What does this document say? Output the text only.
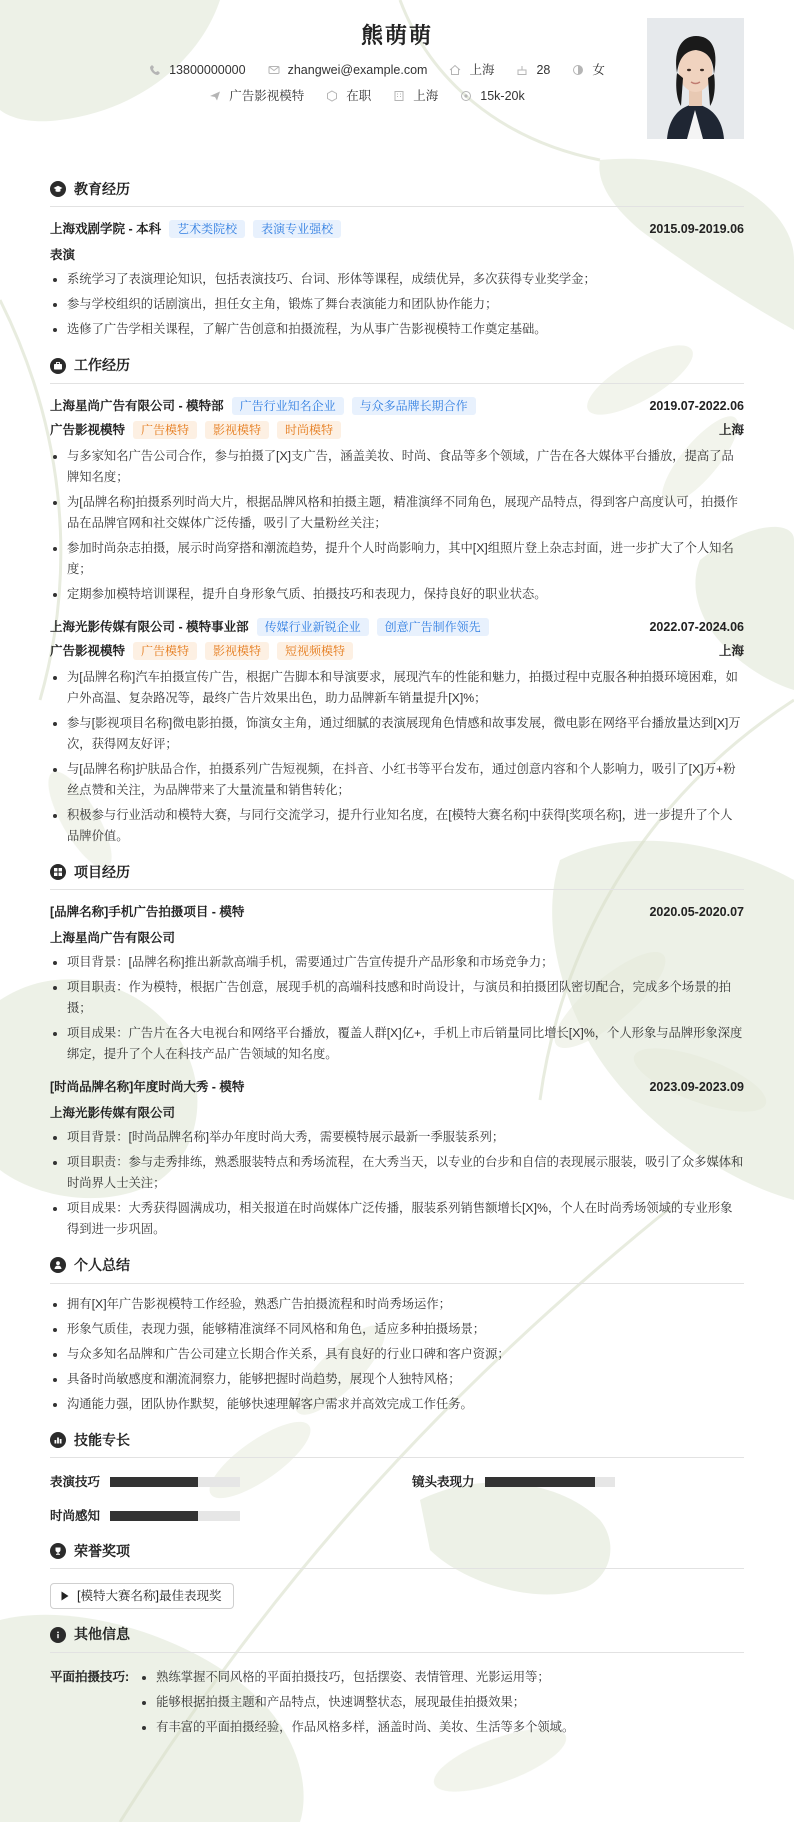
熊萌萌
13800000000	zhangwei@example.com	上海	28	女
广告影视模特	在职	上海	15k-20k
教育经历
上海戏剧学院 - 本科	艺术类院校	表演专业强校	2015.09-2019.06
表演
系统学习了表演理论知识，包括表演技巧、台词、形体等课程，成绩优异，多次获得专业奖学金；
参与学校组织的话剧演出，担任女主角，锻炼了舞台表演能力和团队协作能力；
选修了广告学相关课程，了解广告创意和拍摄流程，为从事广告影视模特工作奠定基础。
工作经历
上海星尚广告有限公司 - 模特部	广告行业知名企业	与众多品牌长期合作	2019.07-2022.06
广告影视模特	广告模特	影视模特	时尚模特	上海
与多家知名广告公司合作，参与拍摄了[X]支广告，涵盖美妆、时尚、食品等多个领域，广告在各大媒体平台播放，提高了品牌知名度；
为[品牌名称]拍摄系列时尚大片，根据品牌风格和拍摄主题，精准演绎不同角色，展现产品特点，得到客户高度认可，拍摄作品在品牌官网和社交媒体广泛传播，吸引了大量粉丝关注；
参加时尚杂志拍摄，展示时尚穿搭和潮流趋势，提升个人时尚影响力，其中[X]组照片登上杂志封面，进一步扩大了个人知名度；
定期参加模特培训课程，提升自身形象气质、拍摄技巧和表现力，保持良好的职业状态。
上海光影传媒有限公司 - 模特事业部	传媒行业新锐企业	创意广告制作领先	2022.07-2024.06
广告影视模特	广告模特	影视模特	短视频模特	上海
为[品牌名称]汽车拍摄宣传广告，根据广告脚本和导演要求，展现汽车的性能和魅力，拍摄过程中克服各种拍摄环境困难，如户外高温、复杂路况等，最终广告片效果出色，助力品牌新车销量提升[X]%；
参与[影视项目名称]微电影拍摄，饰演女主角，通过细腻的表演展现角色情感和故事发展，微电影在网络平台播放量达到[X]万次，获得网友好评；
与[品牌名称]护肤品合作，拍摄系列广告短视频，在抖音、小红书等平台发布，通过创意内容和个人影响力，吸引了[X]万+粉丝点赞和关注，为品牌带来了大量流量和销售转化；
积极参与行业活动和模特大赛，与同行交流学习，提升行业知名度，在[模特大赛名称]中获得[奖项名称]，进一步提升了个人品牌价值。
项目经历
[品牌名称]手机广告拍摄项目 - 模特	2020.05-2020.07
上海星尚广告有限公司
项目背景：[品牌名称]推出新款高端手机，需要通过广告宣传提升产品形象和市场竞争力；
项目职责：作为模特，根据广告创意，展现手机的高端科技感和时尚设计，与演员和拍摄团队密切配合，完成多个场景的拍摄；
项目成果：广告片在各大电视台和网络平台播放，覆盖人群[X]亿+，手机上市后销量同比增长[X]%，个人形象与品牌形象深度绑定，提升了个人在科技产品广告领域的知名度。
[时尚品牌名称]年度时尚大秀 - 模特	2023.09-2023.09
上海光影传媒有限公司
项目背景：[时尚品牌名称]举办年度时尚大秀，需要模特展示最新一季服装系列；
项目职责：参与走秀排练，熟悉服装特点和秀场流程，在大秀当天，以专业的台步和自信的表现展示服装，吸引了众多媒体和时尚界人士关注；
项目成果：大秀获得圆满成功，相关报道在时尚媒体广泛传播，服装系列销售额增长[X]%，个人在时尚秀场领域的专业形象得到进一步巩固。
个人总结
拥有[X]年广告影视模特工作经验，熟悉广告拍摄流程和时尚秀场运作；
形象气质佳，表现力强，能够精准演绎不同风格和角色，适应多种拍摄场景；
与众多知名品牌和广告公司建立长期合作关系，具有良好的行业口碑和客户资源；
具备时尚敏感度和潮流洞察力，能够把握时尚趋势，展现个人独特风格；
沟通能力强，团队协作默契，能够快速理解客户需求并高效完成工作任务。
技能专长
表演技巧	镜头表现力
时尚感知
荣誉奖项
[模特大赛名称]最佳表现奖
其他信息
平面拍摄技巧:	熟练掌握不同风格的平面拍摄技巧，包括摆姿、表情管理、光影运用等；
能够根据拍摄主题和产品特点，快速调整状态，展现最佳拍摄效果；
有丰富的平面拍摄经验，作品风格多样，涵盖时尚、美妆、生活等多个领域。
